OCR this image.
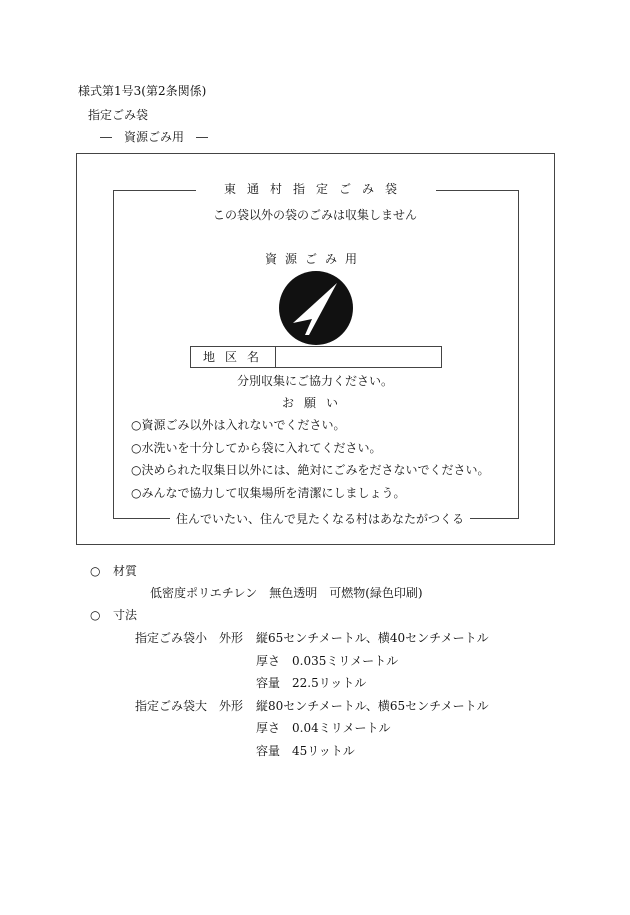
様式第1号3(第2条関係)
指定ごみ袋
―　資源ごみ用　―
東通村指定ごみ袋
この袋以外の袋のごみは収集しません
資源ごみ用
地区名
分別収集にご協力ください。
お願い
○資源ごみ以外は入れないでください。
○水洗いを十分してから袋に入れてください。
○決められた収集日以外には、絶対にごみをださないでください。
○みんなで協力して収集場所を清潔にしましょう。
住んでいたい、住んで見たくなる村はあなたがつくる
○ 材質
低密度ポリエチレン　無色透明　可燃物(緑色印刷)
○ 寸法
指定ごみ袋小　外形 縦65センチメートル、横40センチメートル
厚さ　0.035ミリメートル
容量　22.5リットル
指定ごみ袋大　外形 縦80センチメートル、横65センチメートル
厚さ　0.04ミリメートル
容量　45リットル
